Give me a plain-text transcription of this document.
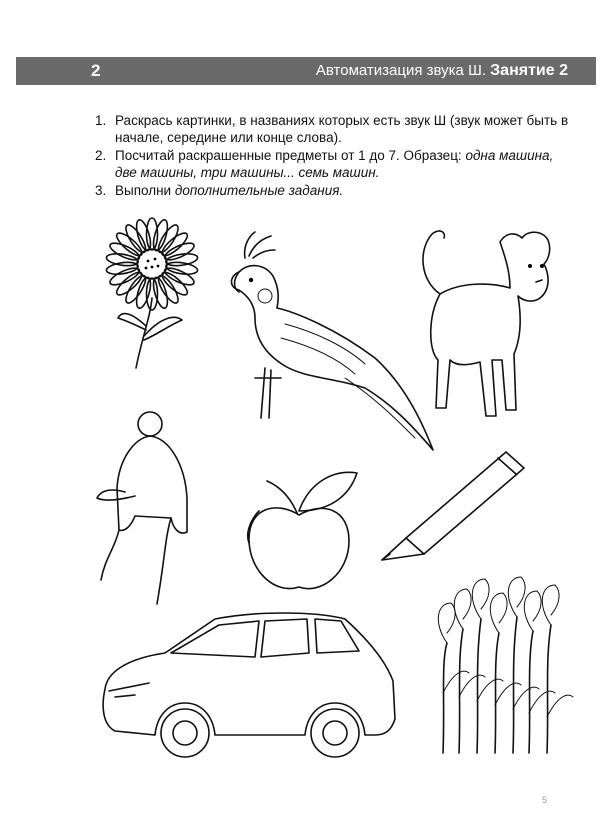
2	Автоматизация звука Ш. Занятие 2
1. Раскрась картинки, в названиях которых есть звук Ш (звук может быть в начале, середине или конце слова).
2. Посчитай раскрашенные предметы от 1 до 7. Образец: одна машина, две машины, три машины... семь машин.
3. Выполни дополнительные задания.
5
